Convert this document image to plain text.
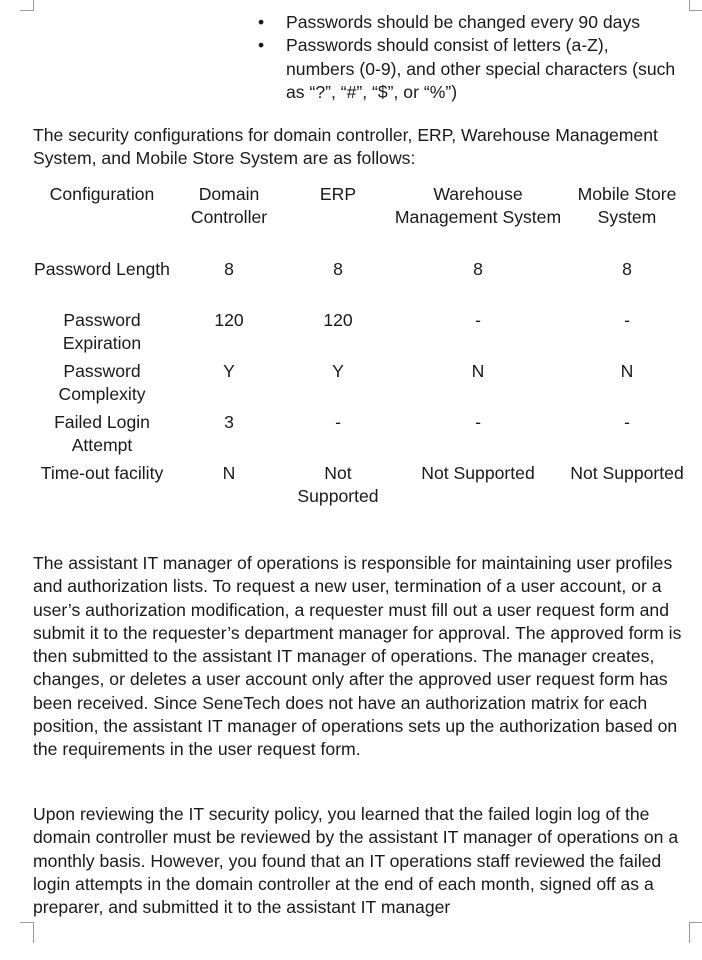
• Passwords should be changed every 90 days
• Passwords should consist of letters (a-Z), numbers (0-9), and other special characters (such as “?”, “#”, “$”, or “%”)

The security configurations for domain controller, ERP, Warehouse Management System, and Mobile Store System are as follows:

Configuration	Domain Controller	ERP	Warehouse Management System	Mobile Store System
Password Length	8	8	8	8
Password Expiration	120	120	-	-
Password Complexity	Y	Y	N	N
Failed Login Attempt	3	-	-	-
Time-out facility	N	Not Supported	Not Supported	Not Supported

The assistant IT manager of operations is responsible for maintaining user profiles and authorization lists. To request a new user, termination of a user account, or a user’s authorization modification, a requester must fill out a user request form and submit it to the requester’s department manager for approval. The approved form is then submitted to the assistant IT manager of operations. The manager creates, changes, or deletes a user account only after the approved user request form has been received. Since SeneTech does not have an authorization matrix for each position, the assistant IT manager of operations sets up the authorization based on the requirements in the user request form.

Upon reviewing the IT security policy, you learned that the failed login log of the domain controller must be reviewed by the assistant IT manager of operations on a monthly basis. However, you found that an IT operations staff reviewed the failed login attempts in the domain controller at the end of each month, signed off as a preparer, and submitted it to the assistant IT manager
